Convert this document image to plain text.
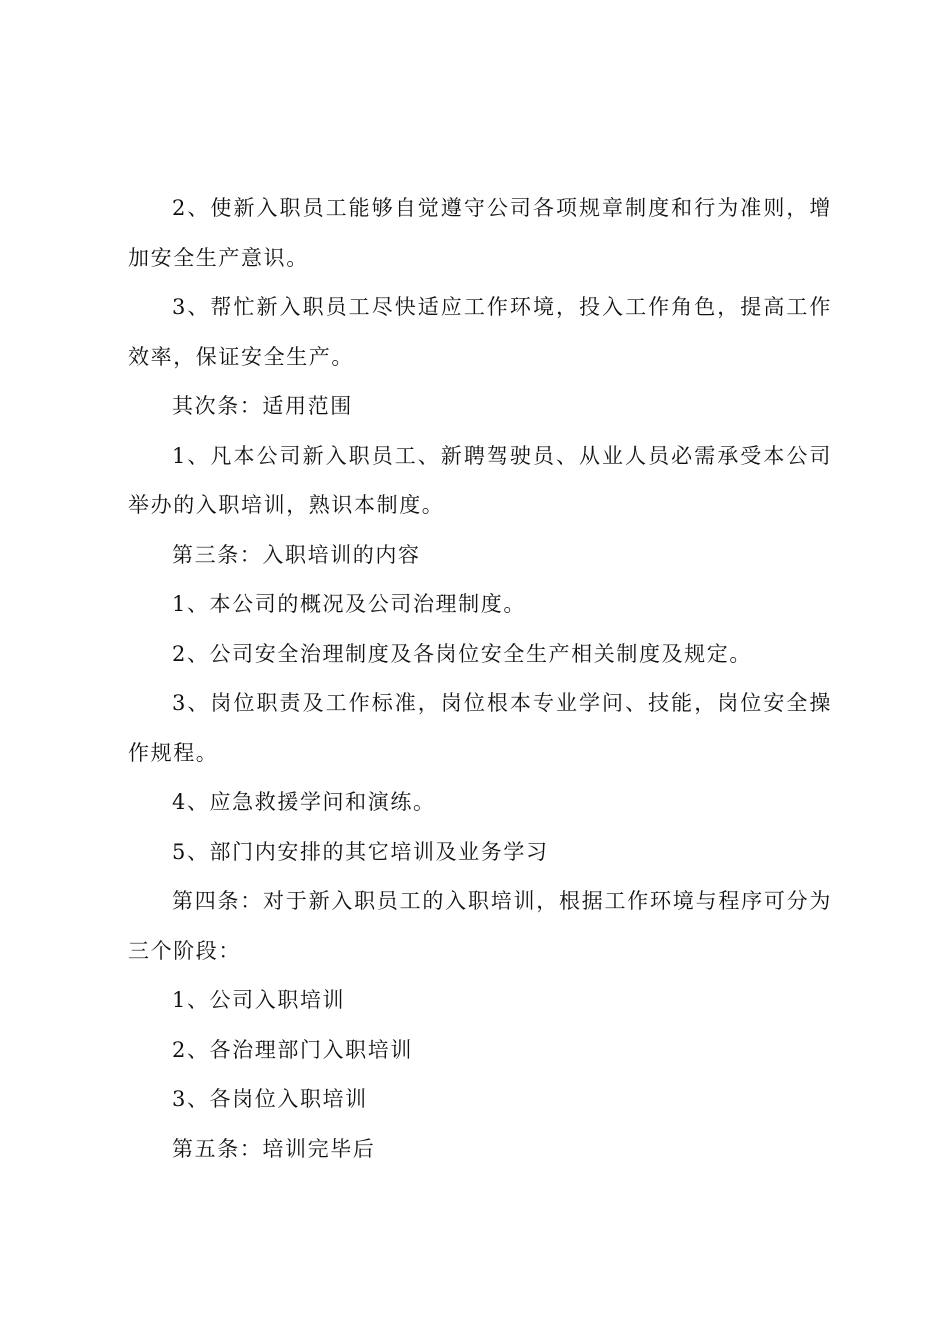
2、使新入职员工能够自觉遵守公司各项规章制度和行为准则，增加安全生产意识。

3、帮忙新入职员工尽快适应工作环境，投入工作角色，提高工作效率，保证安全生产。

其次条：适用范围

1、凡本公司新入职员工、新聘驾驶员、从业人员必需承受本公司举办的入职培训，熟识本制度。

第三条：入职培训的内容

1、本公司的概况及公司治理制度。

2、公司安全治理制度及各岗位安全生产相关制度及规定。

3、岗位职责及工作标准，岗位根本专业学问、技能，岗位安全操作规程。

4、应急救援学问和演练。

5、部门内安排的其它培训及业务学习

第四条：对于新入职员工的入职培训，根据工作环境与程序可分为三个阶段：

1、公司入职培训

2、各治理部门入职培训

3、各岗位入职培训

第五条：培训完毕后
